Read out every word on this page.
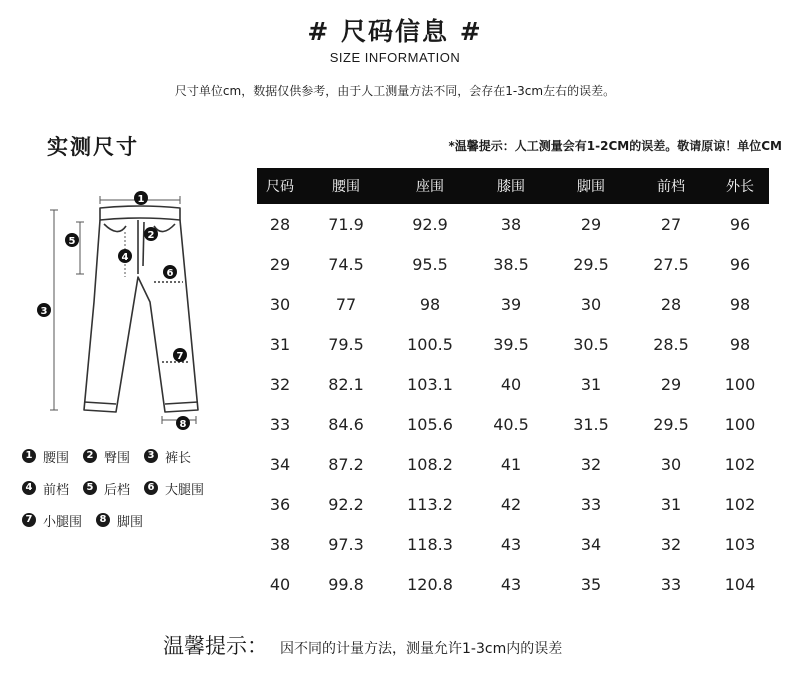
# 尺码信息 #
SIZE INFORMATION
尺寸单位cm，数据仅供参考，由于人工测量方法不同，会存在1-3cm左右的误差。
实测尺寸	*温馨提示：人工测量会有1-2CM的误差。敬请原谅！单位CM
1
2
3
4
5
6
7
8
1 腰围	2 臀围	3 裤长
4 前档	5 后档	6 大腿围
7 小腿围	8 脚围
尺码	腰围	座围	膝围	脚围	前档	外长
28	71.9	92.9	38	29	27	96
29	74.5	95.5	38.5	29.5	27.5	96
30	77	98	39	30	28	98
31	79.5	100.5	39.5	30.5	28.5	98
32	82.1	103.1	40	31	29	100
33	84.6	105.6	40.5	31.5	29.5	100
34	87.2	108.2	41	32	30	102
36	92.2	113.2	42	33	31	102
38	97.3	118.3	43	34	32	103
40	99.8	120.8	43	35	33	104
温馨提示： 因不同的计量方法，测量允许1-3cm内的误差
